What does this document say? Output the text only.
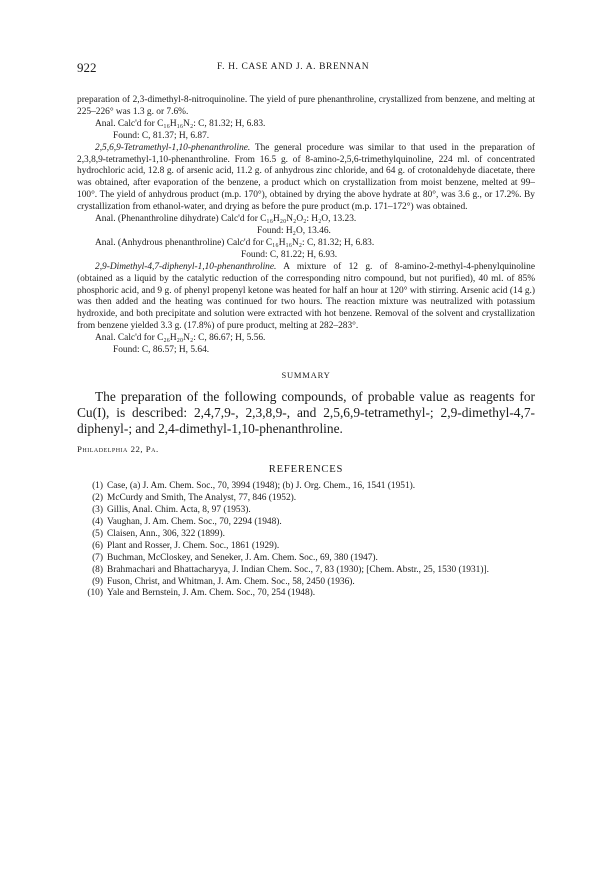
922	F. H. CASE AND J. A. BRENNAN

preparation of 2,3-dimethyl-8-nitroquinoline. The yield of pure phenanthroline, crystallized from benzene, and melting at 225–226° was 1.3 g. or 7.6%.

Anal. Calc'd for C₁₆H₁₆N₂: C, 81.32; H, 6.83.

Found: C, 81.37; H, 6.87.

2,5,6,9-Tetramethyl-1,10-phenanthroline. The general procedure was similar to that used in the preparation of 2,3,8,9-tetramethyl-1,10-phenanthroline. From 16.5 g. of 8-amino-2,5,6-trimethylquinoline, 224 ml. of concentrated hydrochloric acid, 12.8 g. of arsenic acid, 11.2 g. of anhydrous zinc chloride, and 64 g. of crotonaldehyde diacetate, there was obtained, after evaporation of the benzene, a product which on crystallization from moist benzene, melted at 99–100°. The yield of anhydrous product (m.p. 170°), obtained by drying the above hydrate at 80°, was 3.6 g., or 17.2%. By crystallization from ethanol-water, and drying as before the pure product (m.p. 171–172°) was obtained.

Anal. (Phenanthroline dihydrate) Calc'd for C₁₆H₂₀N₂O₂: H₂O, 13.23.

Found: H₂O, 13.46.

Anal. (Anhydrous phenanthroline) Calc'd for C₁₆H₁₆N₂: C, 81.32; H, 6.83.

Found: C, 81.22; H, 6.93.

2,9-Dimethyl-4,7-diphenyl-1,10-phenanthroline. A mixture of 12 g. of 8-amino-2-methyl-4-phenylquinoline (obtained as a liquid by the catalytic reduction of the corresponding nitro compound, but not purified), 40 ml. of 85% phosphoric acid, and 9 g. of phenyl propenyl ketone was heated for half an hour at 120° with stirring. Arsenic acid (14 g.) was then added and the heating was continued for two hours. The reaction mixture was neutralized with potassium hydroxide, and both precipitate and solution were extracted with hot benzene. Removal of the solvent and crystallization from benzene yielded 3.3 g. (17.8%) of pure product, melting at 282–283°.

Anal. Calc'd for C₂₆H₂₀N₂: C, 86.67; H, 5.56.

Found: C, 86.57; H, 5.64.

SUMMARY

The preparation of the following compounds, of probable value as reagents for Cu(I), is described: 2,4,7,9-, 2,3,8,9-, and 2,5,6,9-tetramethyl-; 2,9-dimethyl-4,7-diphenyl-; and 2,4-dimethyl-1,10-phenanthroline.

Philadelphia 22, Pa.

REFERENCES

(1) Case, (a) J. Am. Chem. Soc., 70, 3994 (1948); (b) J. Org. Chem., 16, 1541 (1951).
(2) McCurdy and Smith, The Analyst, 77, 846 (1952).
(3) Gillis, Anal. Chim. Acta, 8, 97 (1953).
(4) Vaughan, J. Am. Chem. Soc., 70, 2294 (1948).
(5) Claisen, Ann., 306, 322 (1899).
(6) Plant and Rosser, J. Chem. Soc., 1861 (1929).
(7) Buchman, McCloskey, and Seneker, J. Am. Chem. Soc., 69, 380 (1947).
(8) Brahmachari and Bhattacharyya, J. Indian Chem. Soc., 7, 83 (1930); [Chem. Abstr., 25, 1530 (1931)].
(9) Fuson, Christ, and Whitman, J. Am. Chem. Soc., 58, 2450 (1936).
(10) Yale and Bernstein, J. Am. Chem. Soc., 70, 254 (1948).
